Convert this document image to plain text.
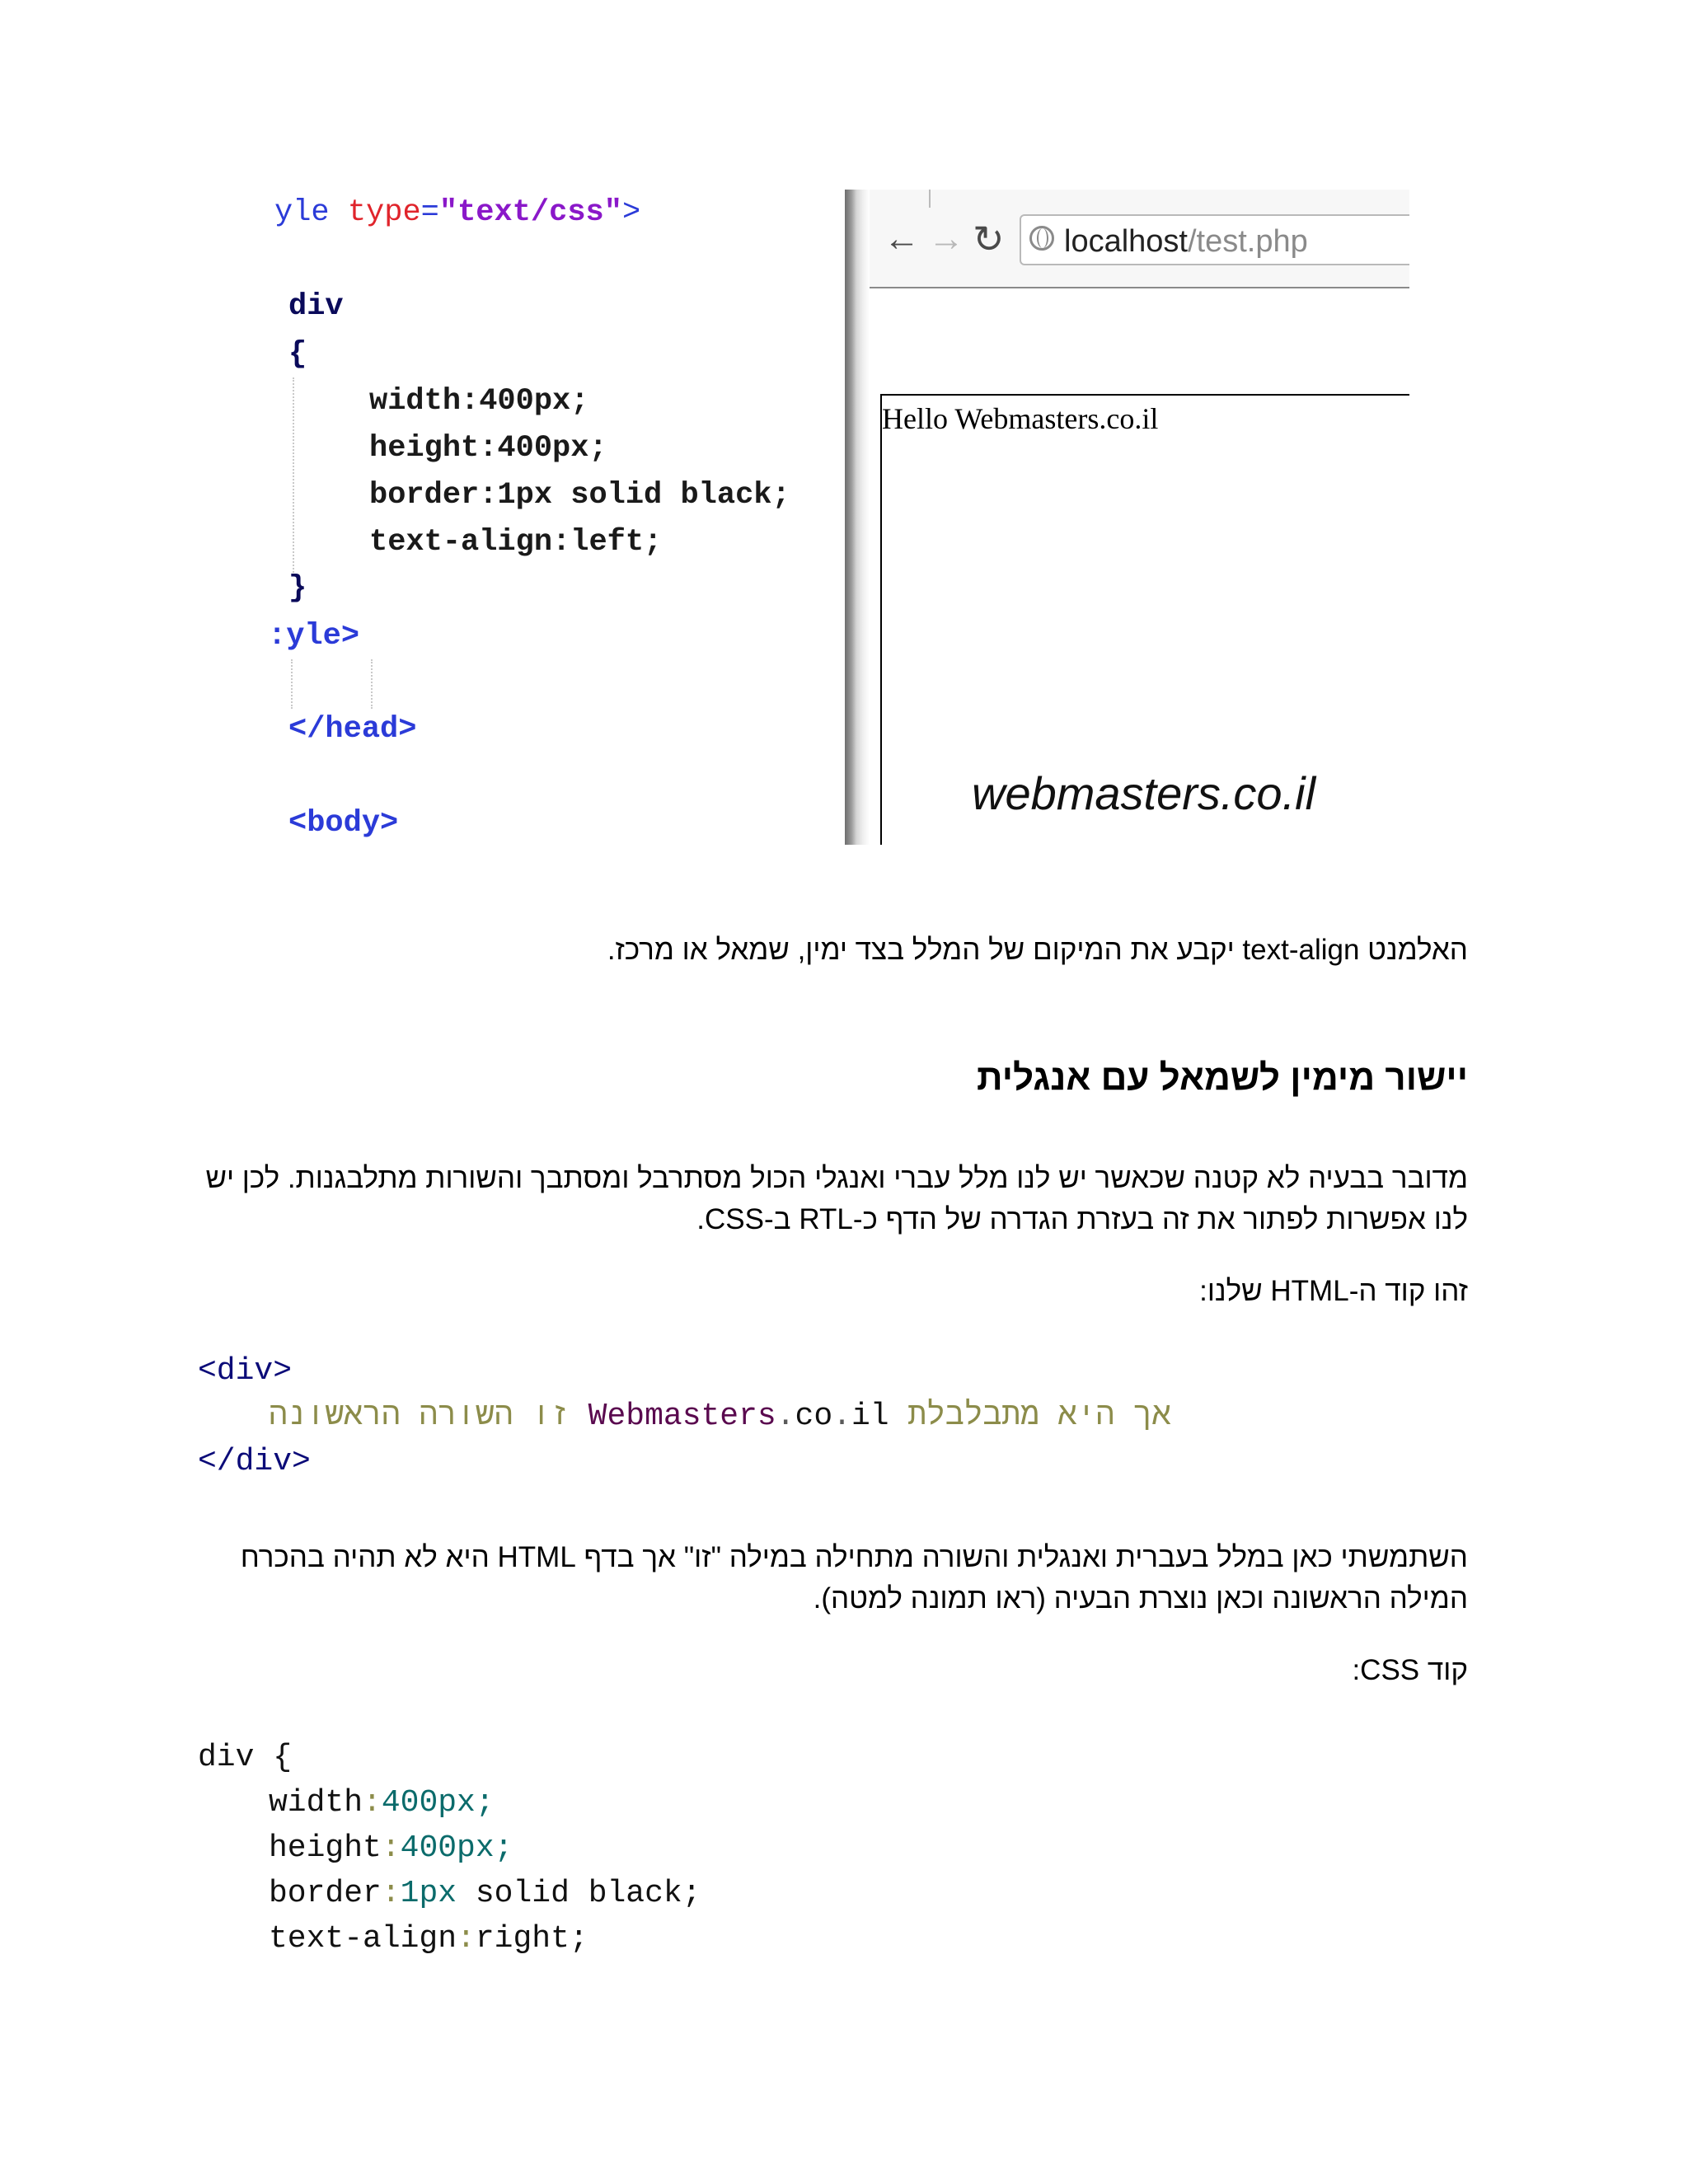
yle type="text/css">
div
{
width:400px;
height:400px;
border:1px solid black;
text-align:left;
}
:yle>
</head>
<body>
← → ↻ localhost/test.php
Hello Webmasters.co.il
webmasters.co.il
האלמנט text-align יקבע את המיקום של המלל בצד ימין, שמאל או מרכז.
יישור מימין לשמאל עם אנגלית
מדובר בבעיה לא קטנה שכאשר יש לנו מלל עברי ואנגלי הכול מסתרבל ומסתבך והשורות מתלבגנות. לכן יש לנו אפשרות לפתור את זה בעזרת הגדרה של הדף כ-RTL ב-CSS.
זהו קוד ה-HTML שלנו:
<div>
זו השורה הראשונה Webmasters.co.il אך היא מתבלבלת
</div>
השתמשתי כאן במלל בעברית ואנגלית והשורה מתחילה במילה "זו" אך בדף HTML היא לא תהיה בהכרח המילה הראשונה וכאן נוצרת הבעיה (ראו תמונה למטה).
קוד CSS:
div {
width:400px;
height:400px;
border:1px solid black;
text-align:right;
